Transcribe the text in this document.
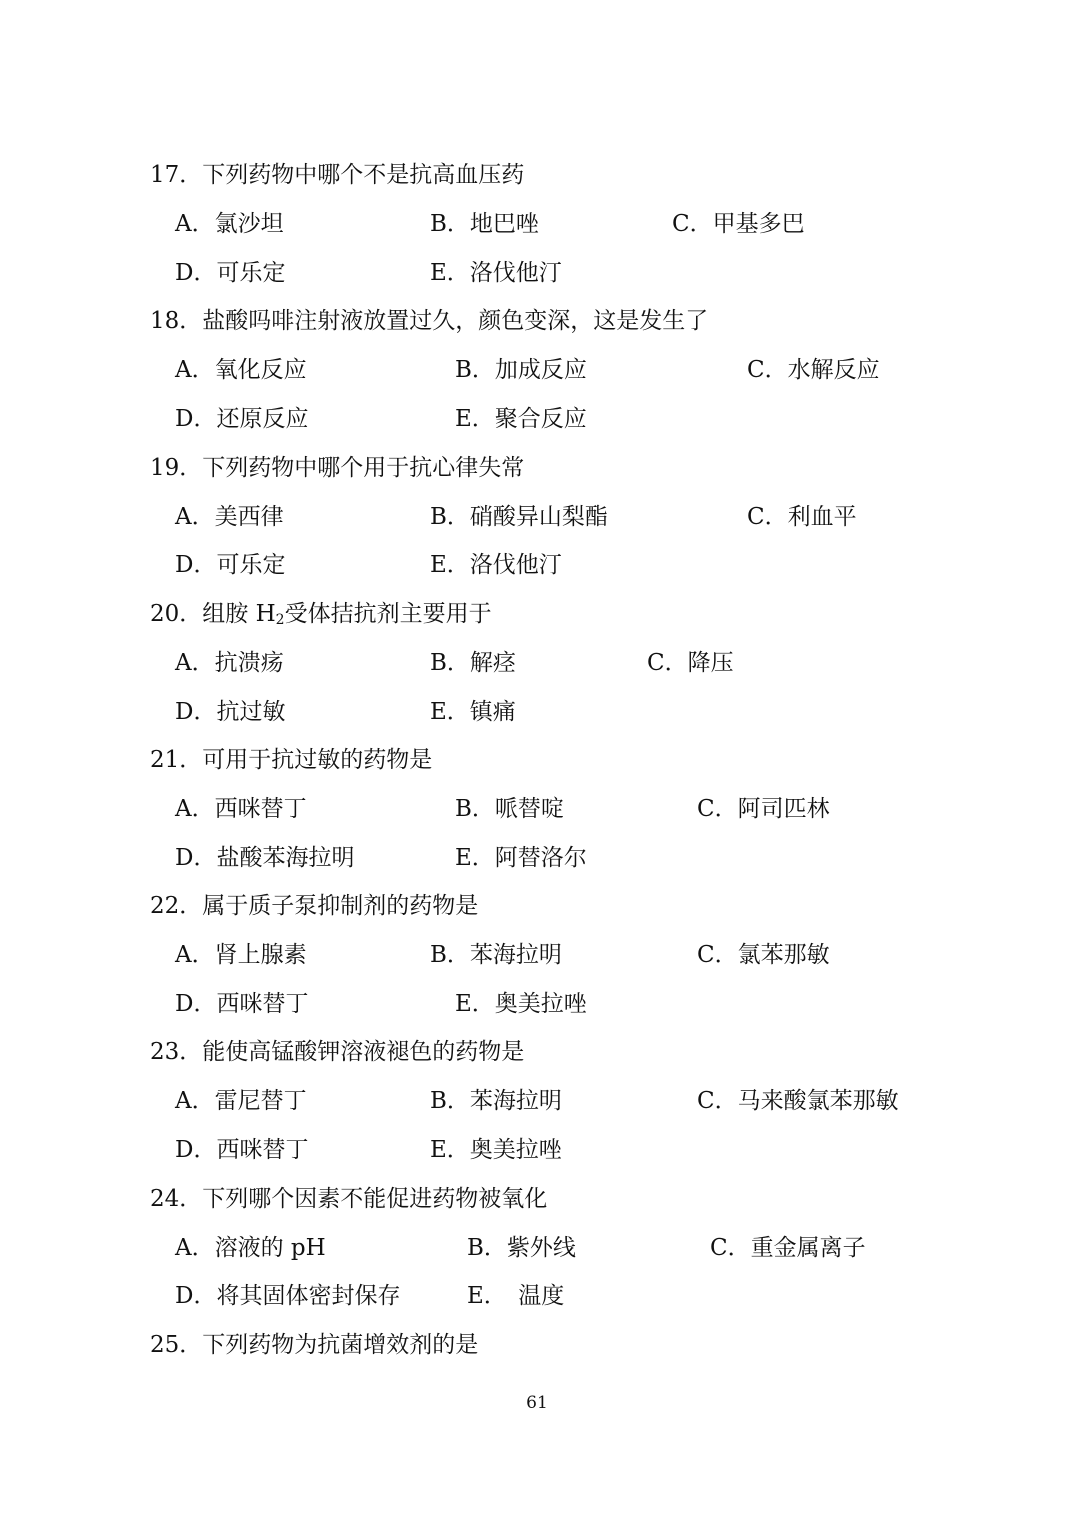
17．下列药物中哪个不是抗高血压药
A．氯沙坦	B．地巴唑	C．甲基多巴
D．可乐定	E．洛伐他汀
18．盐酸吗啡注射液放置过久，颜色变深，这是发生了
A．氧化反应	B．加成反应	C．水解反应
D．还原反应	E．聚合反应
19．下列药物中哪个用于抗心律失常
A．美西律	B．硝酸异山梨酯	C．利血平
D．可乐定	E．洛伐他汀
20．组胺 $H_2$受体拮抗剂主要用于
A．抗溃疡	B．解痉	C．降压
D．抗过敏	E．镇痛
21．可用于抗过敏的药物是
A．西咪替丁	B．哌替啶	C．阿司匹林
D．盐酸苯海拉明	E．阿替洛尔
22．属于质子泵抑制剂的药物是
A．肾上腺素	B．苯海拉明	C．氯苯那敏
D．西咪替丁	E．奥美拉唑
23．能使高锰酸钾溶液褪色的药物是
A．雷尼替丁	B．苯海拉明	C．马来酸氯苯那敏
D．西咪替丁	E．奥美拉唑
24．下列哪个因素不能促进药物被氧化
A．溶液的 pH	B．紫外线	C．重金属离子
D．将其固体密封保存	E．　温度
25．下列药物为抗菌增效剂的是
61
